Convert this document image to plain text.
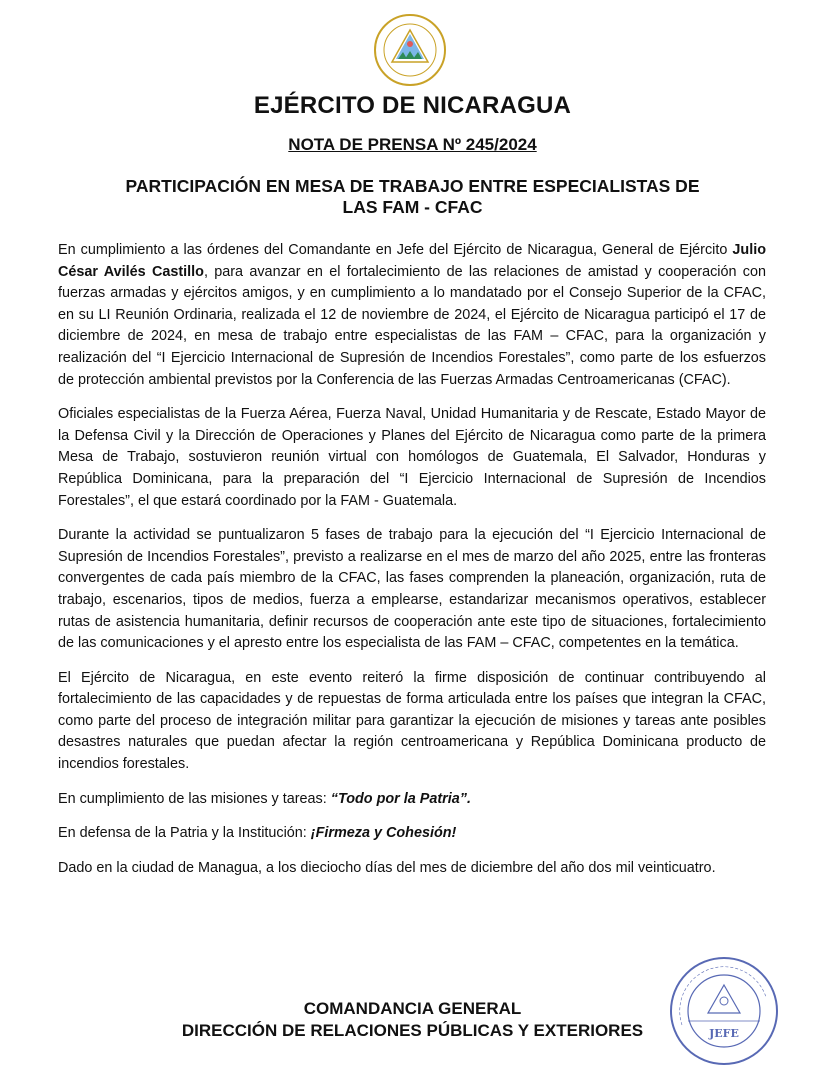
EJÉRCITO DE NICARAGUA
NOTA DE PRENSA Nº 245/2024
PARTICIPACIÓN EN MESA DE TRABAJO ENTRE ESPECIALISTAS DE
LAS FAM - CFAC

En cumplimiento a las órdenes del Comandante en Jefe del Ejército de Nicaragua, General de Ejército Julio César Avilés Castillo, para avanzar en el fortalecimiento de las relaciones de amistad y cooperación con fuerzas armadas y ejércitos amigos, y en cumplimiento a lo mandatado por el Consejo Superior de la CFAC, en su LI Reunión Ordinaria, realizada el 12 de noviembre de 2024, el Ejército de Nicaragua participó el 17 de diciembre de 2024, en mesa de trabajo entre especialistas de las FAM – CFAC, para la organización y realización del “I Ejercicio Internacional de Supresión de Incendios Forestales”, como parte de los esfuerzos de protección ambiental previstos por la Conferencia de las Fuerzas Armadas Centroamericanas (CFAC).

Oficiales especialistas de la Fuerza Aérea, Fuerza Naval, Unidad Humanitaria y de Rescate, Estado Mayor de la Defensa Civil y la Dirección de Operaciones y Planes del Ejército de Nicaragua como parte de la primera Mesa de Trabajo, sostuvieron reunión virtual con homólogos de Guatemala, El Salvador, Honduras y República Dominicana, para la preparación del “I Ejercicio Internacional de Supresión de Incendios Forestales”, el que estará coordinado por la FAM - Guatemala.

Durante la actividad se puntualizaron 5 fases de trabajo para la ejecución del “I Ejercicio Internacional de Supresión de Incendios Forestales”, previsto a realizarse en el mes de marzo del año 2025, entre las fronteras convergentes de cada país miembro de la CFAC, las fases comprenden la planeación, organización, ruta de trabajo, escenarios, tipos de medios, fuerza a emplearse, estandarizar mecanismos operativos, establecer rutas de asistencia humanitaria, definir recursos de cooperación ante este tipo de situaciones, fortalecimiento de las comunicaciones y el apresto entre los especialista de las FAM – CFAC, competentes en la temática.

El Ejército de Nicaragua, en este evento reiteró la firme disposición de continuar contribuyendo al fortalecimiento de las capacidades y de repuestas de forma articulada entre los países que integran la CFAC, como parte del proceso de integración militar para garantizar la ejecución de misiones y tareas ante posibles desastres naturales que puedan afectar la región centroamericana y República Dominicana producto de incendios forestales.

En cumplimiento de las misiones y tareas: “Todo por la Patria”.

En defensa de la Patria y la Institución: ¡Firmeza y Cohesión!

Dado en la ciudad de Managua, a los dieciocho días del mes de diciembre del año dos mil veinticuatro.

COMANDANCIA GENERAL
DIRECCIÓN DE RELACIONES PÚBLICAS Y EXTERIORES	JEFE
